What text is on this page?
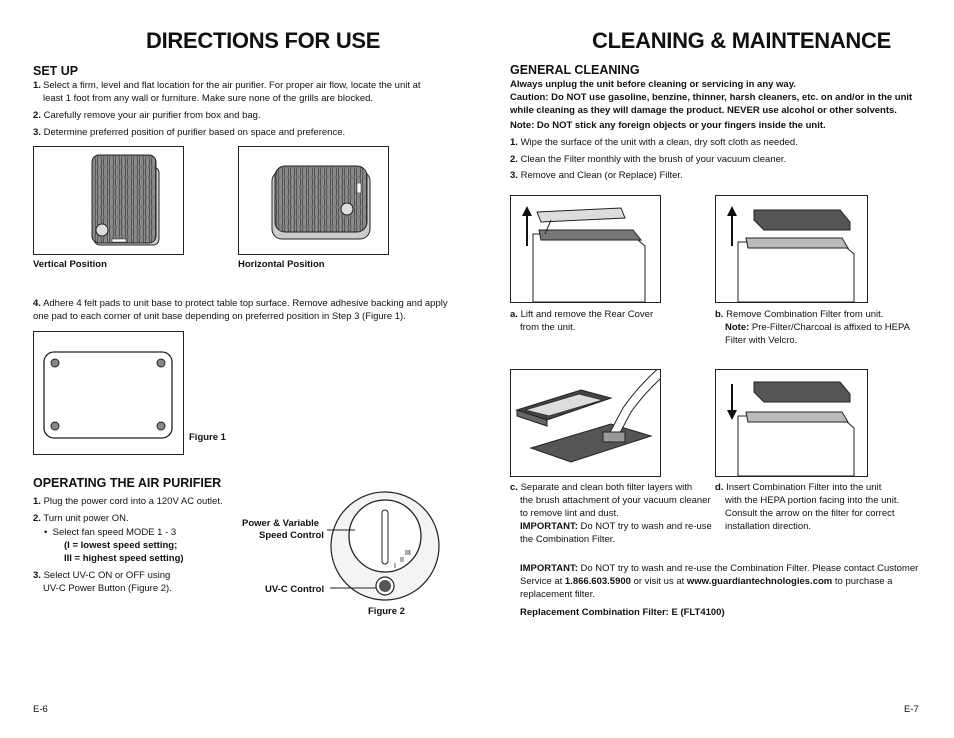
DIRECTIONS FOR USE
SET UP
1. Select a firm, level and flat location for the air purifier. For proper air flow, locate the unit at least 1 foot from any wall or furniture. Make sure none of the grills are blocked.
2. Carefully remove your air purifier from box and bag.
3. Determine preferred position of purifier based on space and preference.
Vertical Position	Horizontal Position
4. Adhere 4 felt pads to unit base to protect table top surface. Remove adhesive backing and apply one pad to each corner of unit base depending on preferred position in Step 3 (Figure 1).
Figure 1
OPERATING THE AIR PURIFIER
1. Plug the power cord into a 120V AC outlet.
2. Turn unit power ON.
•  Select fan speed MODE 1 - 3
(I = lowest speed setting;
III = highest speed setting)
3. Select UV-C ON or OFF using
UV-C Power Button (Figure 2).
Power & Variable
Speed Control
UV-C Control
I
II
III
Figure 2
E-6
CLEANING & MAINTENANCE
GENERAL CLEANING
Always unplug the unit before cleaning or servicing in any way.
Caution: Do NOT use gasoline, benzine, thinner, harsh cleaners, etc. on and/or in the unit while cleaning as they will damage the product. NEVER use alcohol or other solvents.
Note: Do NOT stick any foreign objects or your fingers inside the unit.
1. Wipe the surface of the unit with a clean, dry soft cloth as needed.
2. Clean the Filter monthly with the brush of your vacuum cleaner.
3. Remove and Clean (or Replace) Filter.
a. Lift and remove the Rear Cover
from the unit.
b. Remove Combination Filter from unit.
Note: Pre-Filter/Charcoal is affixed to HEPA
Filter with Velcro.
c. Separate and clean both filter layers with
the brush attachment of your vacuum cleaner
to remove lint and dust.
IMPORTANT: Do NOT try to wash and re-use
the Combination Filter.
d. Insert Combination Filter into the unit
with the HEPA portion facing into the unit.
Consult the arrow on the filter for correct
installation direction.
IMPORTANT: Do NOT try to wash and re-use the Combination Filter. Please contact Customer
Service at 1.866.603.5900 or visit us at www.guardiantechnologies.com to purchase a
replacement filter.
Replacement Combination Filter: E (FLT4100)
E-7
